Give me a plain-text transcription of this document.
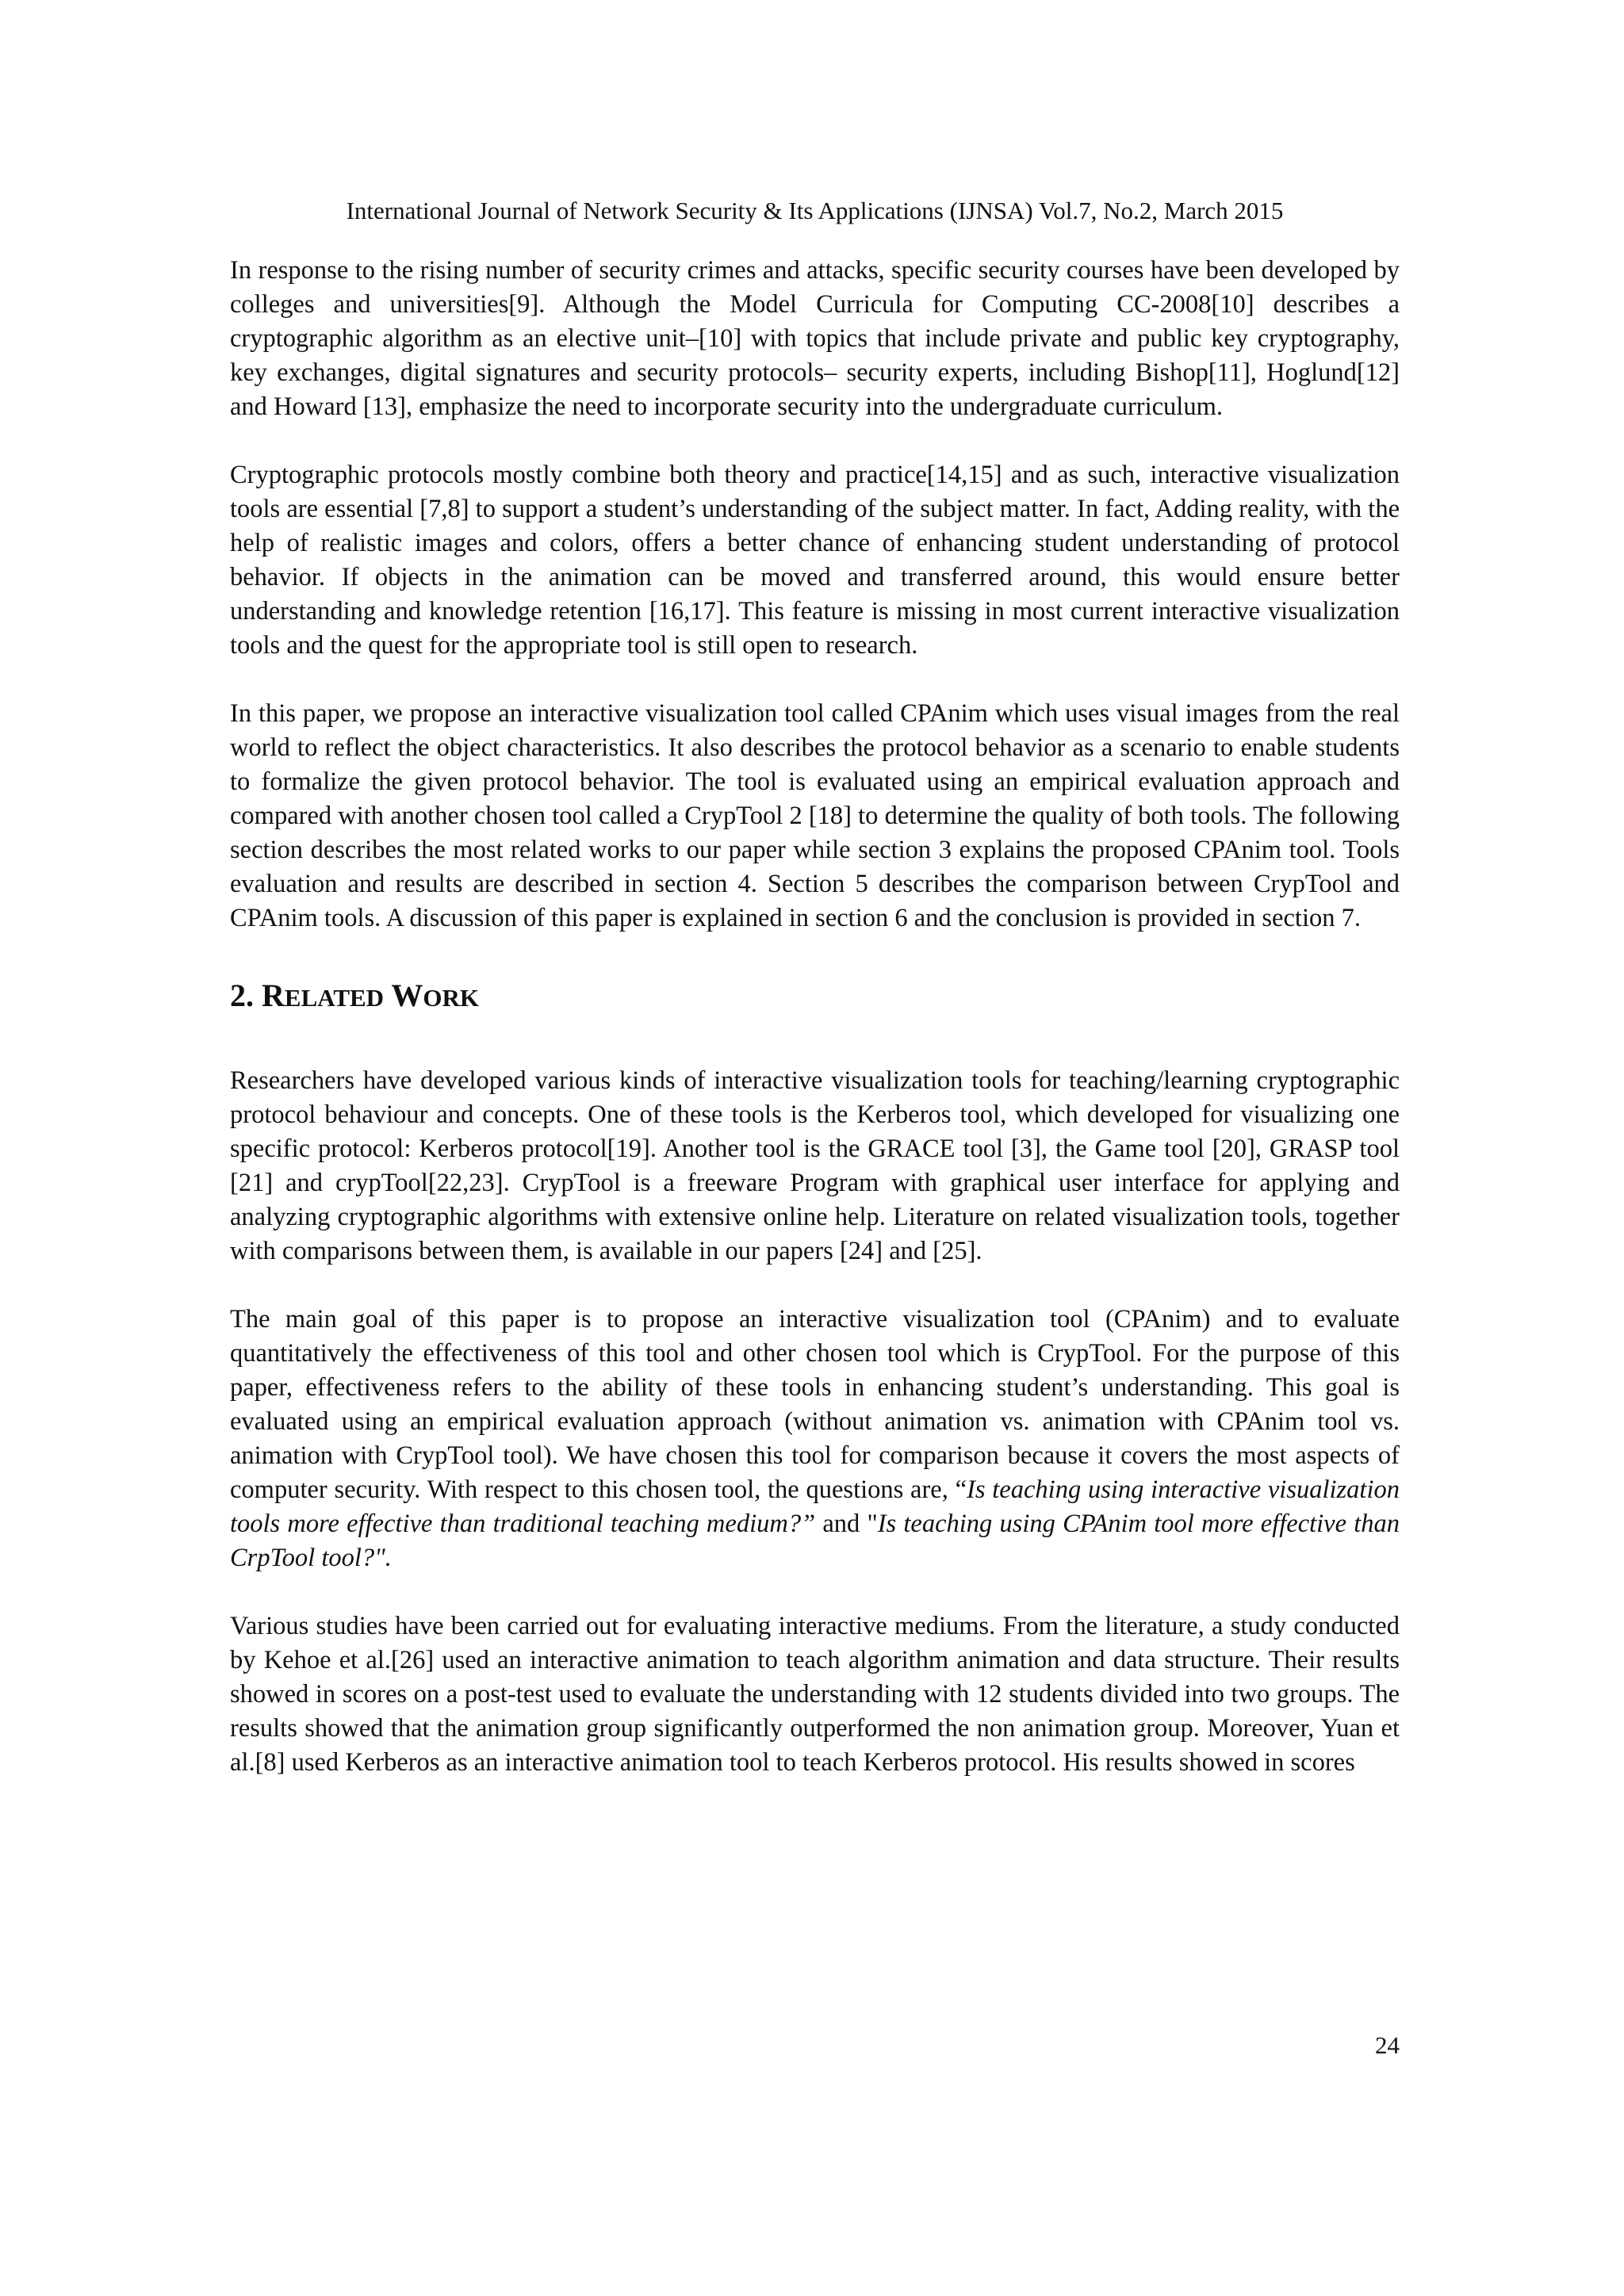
International Journal of Network Security & Its Applications (IJNSA) Vol.7, No.2, March 2015

In response to the rising number of security crimes and attacks, specific security courses have been developed by colleges and universities[9]. Although the Model Curricula for Computing CC-2008[10] describes a cryptographic algorithm as an elective unit–[10] with topics that include private and public key cryptography, key exchanges, digital signatures and security protocols– security experts, including Bishop[11], Hoglund[12] and Howard [13], emphasize the need to incorporate security into the undergraduate curriculum.

Cryptographic protocols mostly combine both theory and practice[14,15] and as such, interactive visualization tools are essential [7,8] to support a student’s understanding of the subject matter. In fact, Adding reality, with the help of realistic images and colors, offers a better chance of enhancing student understanding of protocol behavior. If objects in the animation can be moved and transferred around, this would ensure better understanding and knowledge retention [16,17]. This feature is missing in most current interactive visualization tools and the quest for the appropriate tool is still open to research.

In this paper, we propose an interactive visualization tool called CPAnim which uses visual images from the real world to reflect the object characteristics. It also describes the protocol behavior as a scenario to enable students to formalize the given protocol behavior. The tool is evaluated using an empirical evaluation approach and compared with another chosen tool called a CrypTool 2 [18] to determine the quality of both tools. The following section describes the most related works to our paper while section 3 explains the proposed CPAnim tool. Tools evaluation and results are described in section 4. Section 5 describes the comparison between CrypTool and CPAnim tools. A discussion of this paper is explained in section 6 and the conclusion is provided in section 7.

2. RELATED WORK

Researchers have developed various kinds of interactive visualization tools for teaching/learning cryptographic protocol behaviour and concepts. One of these tools is the Kerberos tool, which developed for visualizing one specific protocol: Kerberos protocol[19]. Another tool is the GRACE tool [3], the Game tool [20], GRASP tool [21] and crypTool[22,23]. CrypTool is a freeware Program with graphical user interface for applying and analyzing cryptographic algorithms with extensive online help. Literature on related visualization tools, together with comparisons between them, is available in our papers [24] and [25].

The main goal of this paper is to propose an interactive visualization tool (CPAnim) and to evaluate quantitatively the effectiveness of this tool and other chosen tool which is CrypTool. For the purpose of this paper, effectiveness refers to the ability of these tools in enhancing student’s understanding. This goal is evaluated using an empirical evaluation approach (without animation vs. animation with CPAnim tool vs. animation with CrypTool tool). We have chosen this tool for comparison because it covers the most aspects of computer security. With respect to this chosen tool, the questions are, “Is teaching using interactive visualization tools more effective than traditional teaching medium?” and "Is teaching using CPAnim tool more effective than CrpTool tool?".

Various studies have been carried out for evaluating interactive mediums. From the literature, a study conducted by Kehoe et al.[26] used an interactive animation to teach algorithm animation and data structure. Their results showed in scores on a post-test used to evaluate the understanding with 12 students divided into two groups. The results showed that the animation group significantly outperformed the non animation group. Moreover, Yuan et al.[8] used Kerberos as an interactive animation tool to teach Kerberos protocol. His results showed in scores

24
